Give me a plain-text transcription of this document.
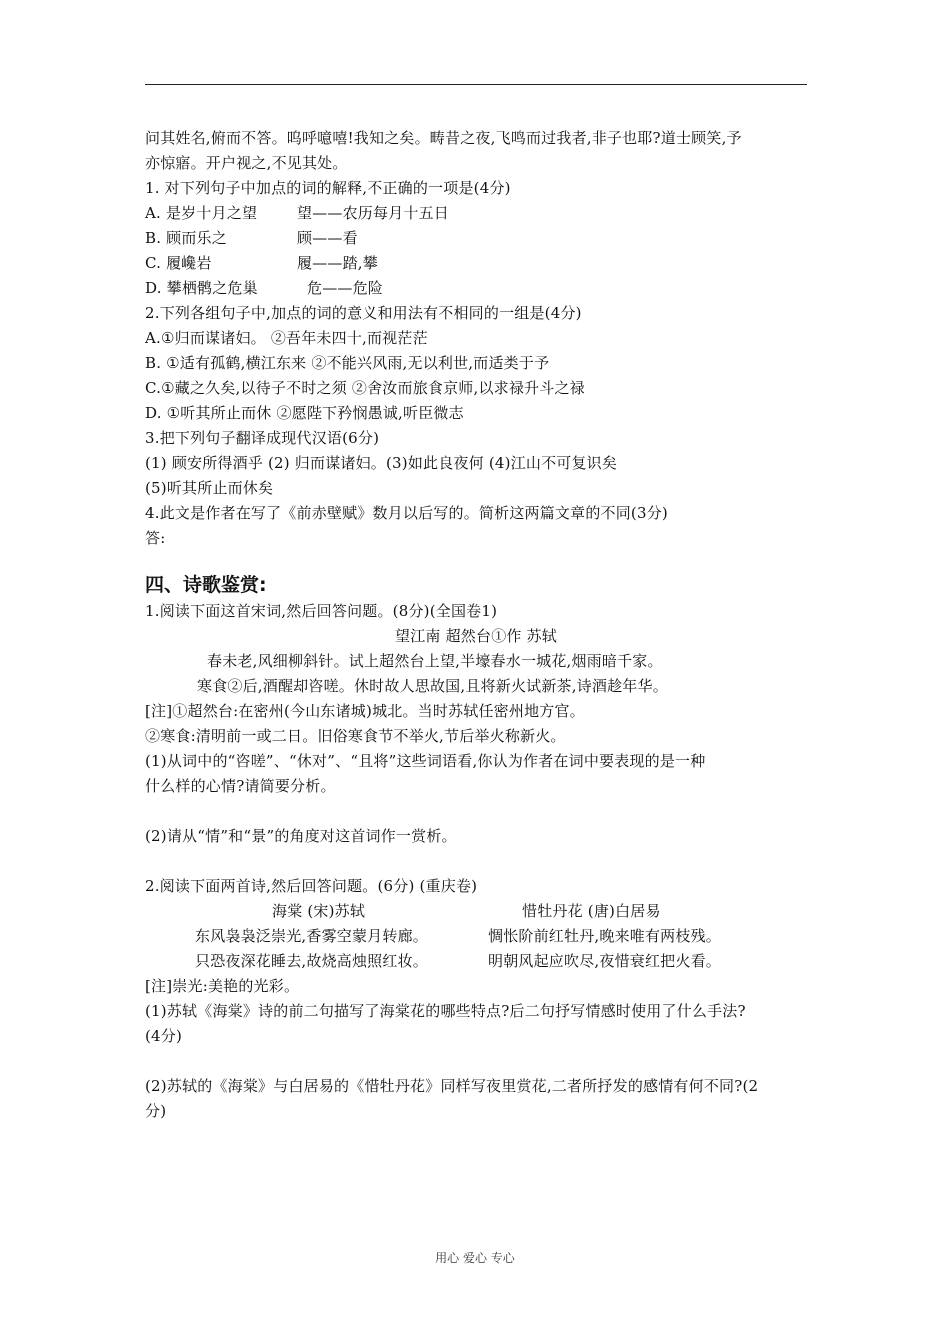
问其姓名,俯而不答。呜呼噫嘻!我知之矣。畴昔之夜,飞鸣而过我者,非子也耶?道士顾笑,予
亦惊寤。开户视之,不见其处。
1. 对下列句子中加点的词的解释,不正确的一项是(4分)
A. 是岁十月之望	望——农历每月十五日
B. 顾而乐之	顾——看
C. 履巉岩	履——踏,攀
D. 攀栖鹘之危巢	危——危险
2.下列各组句子中,加点的词的意义和用法有不相同的一组是(4分)
A.①归而谋诸妇。 ②吾年未四十,而视茫茫
B. ①适有孤鹤,横江东来 ②不能兴风雨,无以利世,而适类于予
C.①藏之久矣,以待子不时之须 ②舍汝而旅食京师,以求禄升斗之禄
D. ①听其所止而休 ②愿陛下矜悯愚诚,听臣微志
3.把下列句子翻译成现代汉语(6分)
(1) 顾安所得酒乎 (2) 归而谋诸妇。(3)如此良夜何 (4)江山不可复识矣
(5)听其所止而休矣
4.此文是作者在写了《前赤壁赋》数月以后写的。简析这两篇文章的不同(3分)
答:
四、诗歌鉴赏:
1.阅读下面这首宋词,然后回答问题。(8分)(全国卷1)
望江南 超然台①作 苏轼
春未老,风细柳斜针。试上超然台上望,半壕春水一城花,烟雨暗千家。
寒食②后,酒醒却咨嗟。休时故人思故国,且将新火试新茶,诗酒趁年华。
[注]①超然台:在密州(今山东诸城)城北。当时苏轼任密州地方官。
②寒食:清明前一或二日。旧俗寒食节不举火,节后举火称新火。
(1)从词中的“咨嗟”、“休对”、“且将”这些词语看,你认为作者在词中要表现的是一种
什么样的心情?请简要分析。
(2)请从“情”和“景”的角度对这首词作一赏析。
2.阅读下面两首诗,然后回答问题。(6分) (重庆卷)
海棠 (宋)苏轼	惜牡丹花 (唐)白居易
东风袅袅泛崇光,香雾空蒙月转廊。	惆怅阶前红牡丹,晚来唯有两枝残。
只恐夜深花睡去,故烧高烛照红妆。	明朝风起应吹尽,夜惜衰红把火看。
[注]崇光:美艳的光彩。
(1)苏轼《海棠》诗的前二句描写了海棠花的哪些特点?后二句抒写情感时使用了什么手法?
(4分)
(2)苏轼的《海棠》与白居易的《惜牡丹花》同样写夜里赏花,二者所抒发的感情有何不同?(2
分)
用心 爱心 专心
